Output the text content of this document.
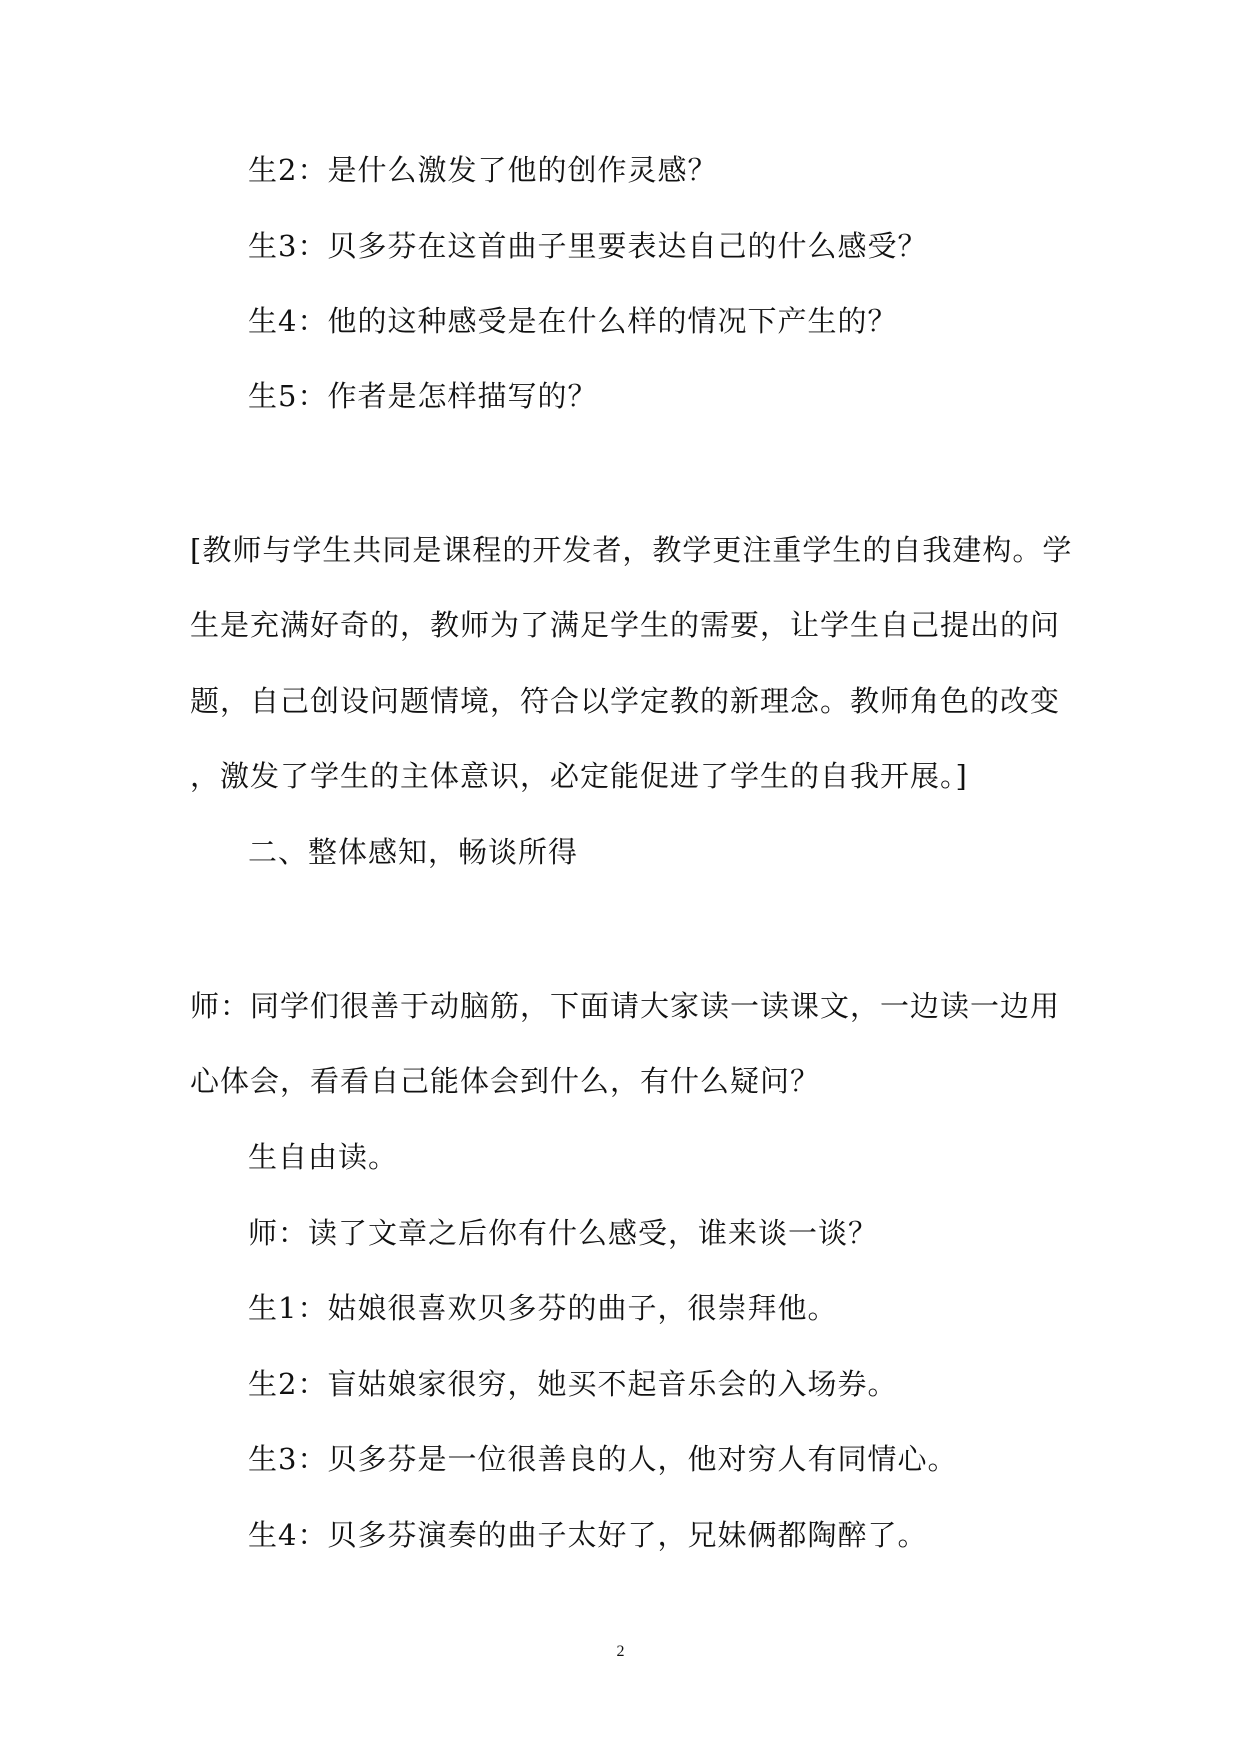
生2：是什么激发了他的创作灵感？
生3：贝多芬在这首曲子里要表达自己的什么感受？
生4：他的这种感受是在什么样的情况下产生的？
生5：作者是怎样描写的？
[教师与学生共同是课程的开发者，教学更注重学生的自我建构。学
生是充满好奇的，教师为了满足学生的需要，让学生自己提出的问
题，自己创设问题情境，符合以学定教的新理念。教师角色的改变
，激发了学生的主体意识，必定能促进了学生的自我开展。]
二、整体感知，畅谈所得
师：同学们很善于动脑筋，下面请大家读一读课文，一边读一边用
心体会，看看自己能体会到什么，有什么疑问？
生自由读。
师：读了文章之后你有什么感受，谁来谈一谈？
生1：姑娘很喜欢贝多芬的曲子，很崇拜他。
生2：盲姑娘家很穷，她买不起音乐会的入场券。
生3：贝多芬是一位很善良的人，他对穷人有同情心。
生4：贝多芬演奏的曲子太好了，兄妹俩都陶醉了。
2
